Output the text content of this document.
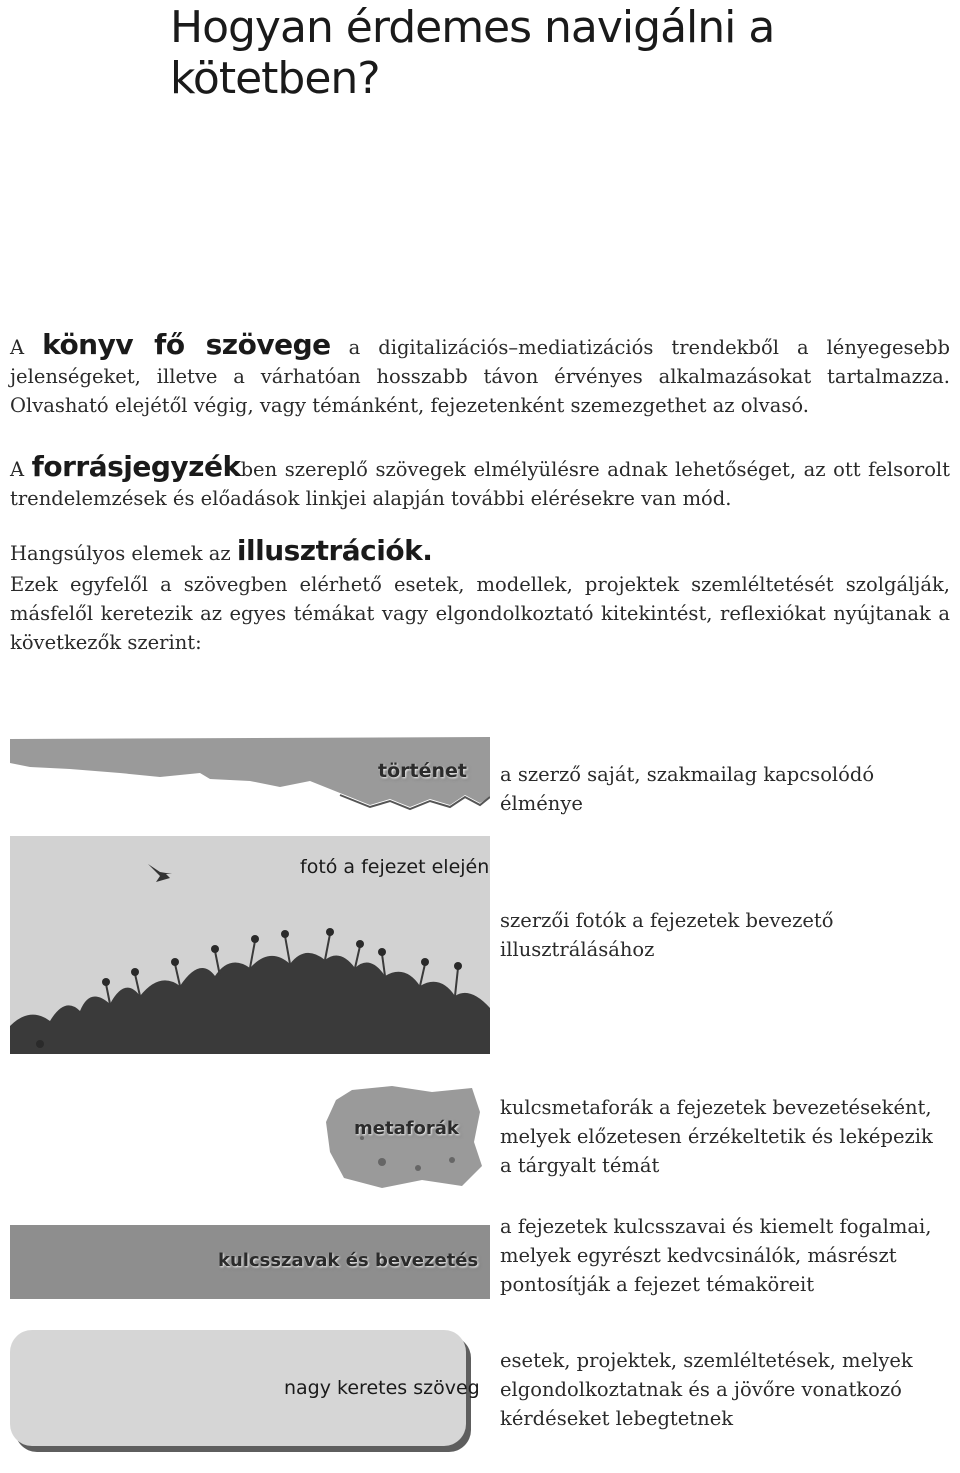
Hogyan érdemes navigálni a kötetben?

A könyv fő szövege a digitalizációs–mediatizációs trendekből a lényegesebb jelenségeket, illetve a várhatóan hosszabb távon érvényes alkalmazásokat tartalmazza. Olvasható elejétől végig, vagy témánként, fejezetenként szemezgethet az olvasó.

A forrásjegyzékben szereplő szövegek elmélyülésre adnak lehetőséget, az ott felsorolt trendelemzések és előadások linkjei alapján további elérésekre van mód.

Hangsúlyos elemek az illusztrációk.

Ezek egyfelől a szövegben elérhető esetek, modellek, projektek szemléltetését szolgálják, másfelől keretezik az egyes témákat vagy elgondolkoztató kitekintést, reflexiókat nyújtanak a következők szerint:

történet a szerző saját, szakmailag kapcsolódó élménye

fotó a fejezet elején

szerzői fotók a fejezetek bevezető illusztrálásához

metaforák

kulcsmetaforák a fejezetek bevezetéseként, melyek előzetesen érzékeltetik és leképezik a tárgyalt témát

kulcsszavak és bevezetés

a fejezetek kulcsszavai és kiemelt fogalmai, melyek egyrészt kedvcsinálók, másrészt pontosítják a fejezet témaköreit

nagy keretes szöveg

esetek, projektek, szemléltetések, melyek elgondolkoztatnak és a jövőre vonatkozó kérdéseket lebegtetnek
